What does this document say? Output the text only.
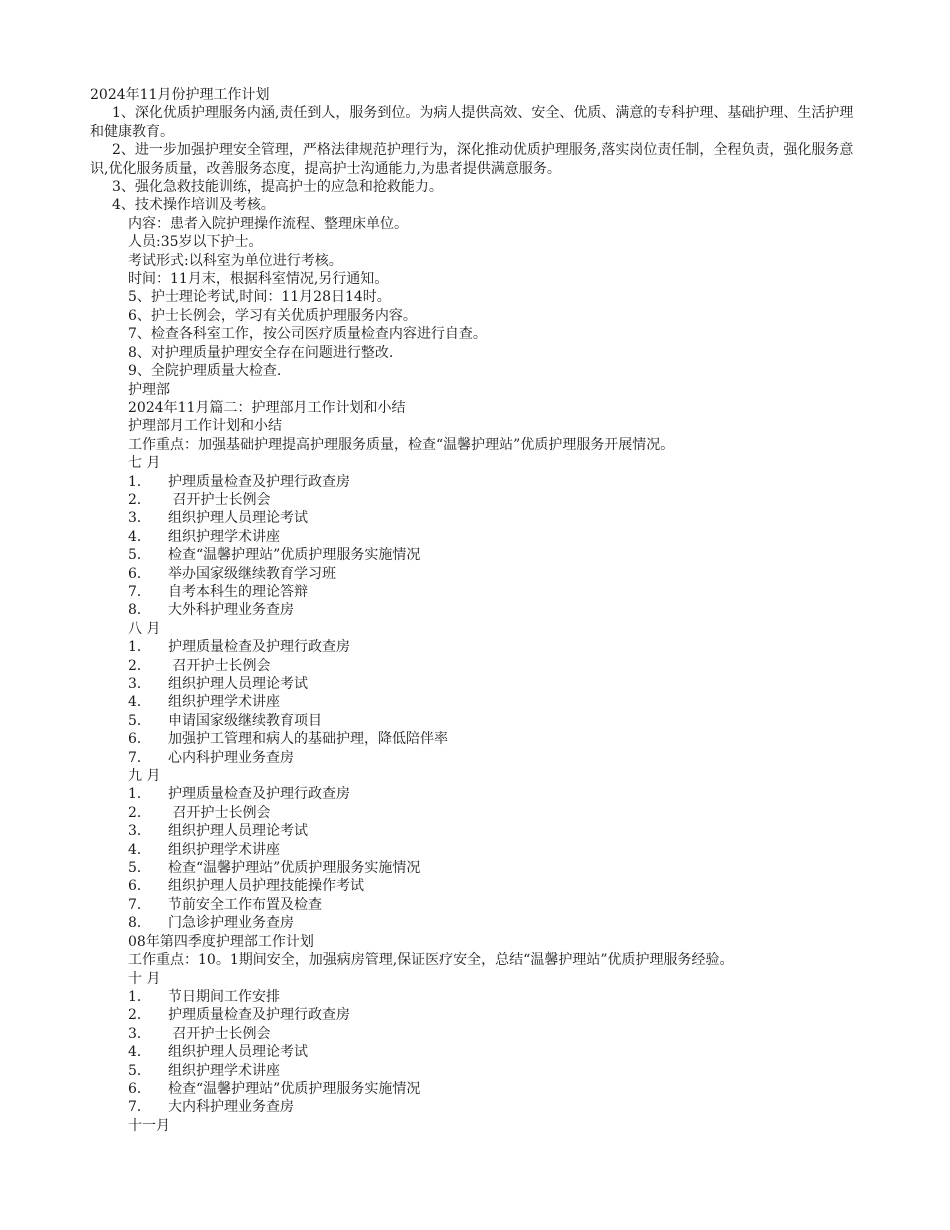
2024年11月份护理工作计划

1、深化优质护理服务内涵,责任到人，服务到位。为病人提供高效、安全、优质、满意的专科护理、基础护理、生活护理和健康教育。

2、进一步加强护理安全管理，严格法律规范护理行为，深化推动优质护理服务,落实岗位责任制，全程负责，强化服务意识,优化服务质量，改善服务态度，提高护士沟通能力,为患者提供满意服务。

3、强化急救技能训练，提高护士的应急和抢救能力。

4、技术操作培训及考核。

内容：患者入院护理操作流程、整理床单位。

人员:35岁以下护士。

考试形式:以科室为单位进行考核。

时间：11月末，根据科室情况,另行通知。

5、护士理论考试,时间：11月28日14时。

6、护士长例会，学习有关优质护理服务内容。

7、检查各科室工作，按公司医疗质量检查内容进行自查。

8、对护理质量护理安全存在问题进行整改.

9、全院护理质量大检查.

护理部

2024年11月篇二：护理部月工作计划和小结

护理部月工作计划和小结

工作重点：加强基础护理提高护理服务质量，检查“温馨护理站”优质护理服务开展情况。

七 月

1． 护理质量检查及护理行政查房
2． 召开护士长例会
3． 组织护理人员理论考试
4． 组织护理学术讲座
5． 检查“温馨护理站”优质护理服务实施情况
6． 举办国家级继续教育学习班
7． 自考本科生的理论答辩
8． 大外科护理业务查房

八 月

1． 护理质量检查及护理行政查房
2． 召开护士长例会
3． 组织护理人员理论考试
4． 组织护理学术讲座
5． 申请国家级继续教育项目
6． 加强护工管理和病人的基础护理，降低陪伴率
7． 心内科护理业务查房

九 月

1． 护理质量检查及护理行政查房
2． 召开护士长例会
3． 组织护理人员理论考试
4． 组织护理学术讲座
5． 检查“温馨护理站”优质护理服务实施情况
6． 组织护理人员护理技能操作考试
7． 节前安全工作布置及检查
8． 门急诊护理业务查房

08年第四季度护理部工作计划

工作重点：10。1期间安全，加强病房管理,保证医疗安全，总结“温馨护理站”优质护理服务经验。

十 月

1． 节日期间工作安排
2． 护理质量检查及护理行政查房
3． 召开护士长例会
4． 组织护理人员理论考试
5． 组织护理学术讲座
6． 检查“温馨护理站”优质护理服务实施情况
7． 大内科护理业务查房

十一月
